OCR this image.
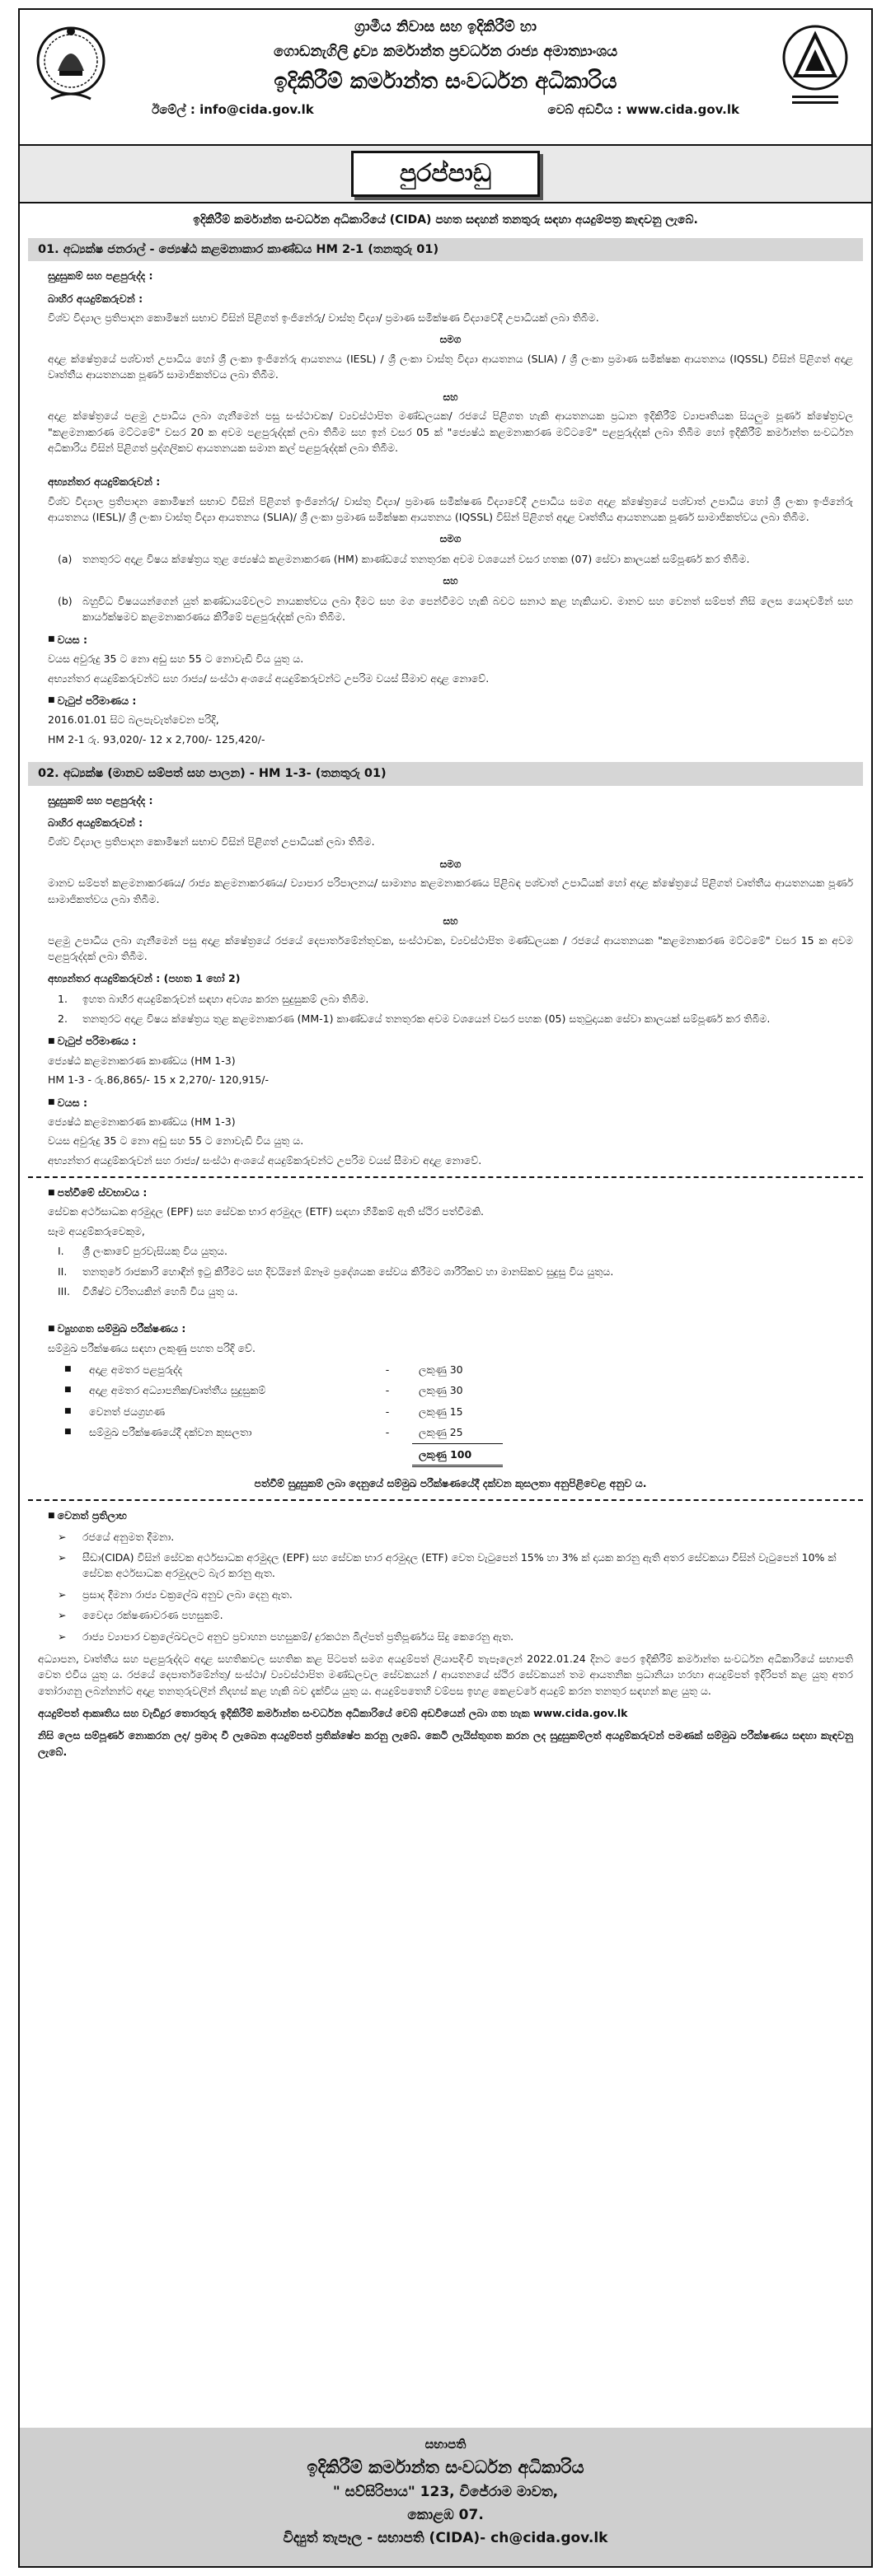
ග්‍රාමීය නිවාස සහ ඉදිකිරීම් හා
ගොඩනැගිලි ද්‍රව්‍ය කර්මාන්ත ප්‍රවර්ධන රාජ්‍ය අමාත්‍යාංශය
ඉදිකිරීම් කර්මාන්ත සංවර්ධන අධිකාරිය
ඊමේල් : info@cida.gov.lk	වෙබ් අඩවිය : www.cida.gov.lk
පුරප්පාඩු
ඉදිකිරීම් කර්මාන්ත සංවර්ධන අධිකාරියේ (CIDA) පහත සඳහන් තනතුරු සඳහා අයදුම්පත්‍ර කැඳවනු ලැබේ.
01. අධ්‍යක්ෂ ජනරාල් - ජ්‍යෙෂ්ඨ කළමනාකාර කාණ්ඩය HM 2-1 (තනතුරු 01)
සුදුසුකම් සහ පළපුරුද්ද :
බාහිර අයදුම්කරුවන් :
විශ්ව විද්‍යාල ප්‍රතිපාදන කොමිෂන් සභාව විසින් පිළිගත් ඉංජිනේරු/ වාස්තු විද්‍යා/ ප්‍රමාණ සමීක්ෂණ විද්‍යාවේදී උපාධියක් ලබා තිබීම.
සමග
අදාළ ක්ෂේත්‍රයේ පශ්චාත් උපාධිය හෝ ශ්‍රී ලංකා ඉංජිනේරු ආයතනය (IESL) / ශ්‍රී ලංකා වාස්තු විද්‍යා ආයතනය (SLIA) / ශ්‍රී ලංකා ප්‍රමාණ සමීක්ෂක ආයතනය (IQSSL) විසින් පිළිගත් අදාළ වෘත්තීය ආයතනයක පූර්ණ සාමාජිකත්වය ලබා තිබීම.
සහ
අදාළ ක්ෂේත්‍රයේ පළමු උපාධිය ලබා ගැනීමෙන් පසු සංස්ථාවක/ ව්‍යවස්ථාපිත මණ්ඩලයක/ රජයේ පිළිගත හැකි ආයතනයක ප්‍රධාන ඉදිකිරීම් ව්‍යාපෘතියක සියලුම පූර්ණ ක්ෂේත්‍රවල "කළමනාකරණ මට්ටමේ" වසර 20 ක අවම පළපුරුද්දක් ලබා තිබීම සහ ඉන් වසර 05 ක් "ජ්‍යෙෂ්ඨ කළමනාකරණ මට්ටමේ" පළපුරුද්දක් ලබා තිබීම හෝ ඉදිකිරීම් කර්මාන්ත සංවර්ධන අධිකාරිය විසින් පිළිගත් ප්‍රද්ගලිකව ආයතනයක සමාන කල් පළපුරුද්දක් ලබා තිබීම.
අභ්‍යන්තර අයදුම්කරුවන් :
විශ්ව විද්‍යාල ප්‍රතිපාදන කොමිෂන් සභාව විසින් පිළිගත් ඉංජිනේරු/ වාස්තු විද්‍යා/ ප්‍රමාණ සමීක්ෂණ විද්‍යාවේදී උපාධිය සමග අදාළ ක්ෂේත්‍රයේ පශ්චාත් උපාධිය හෝ ශ්‍රී ලංකා ඉංජිනේරු ආයතනය (IESL)/ ශ්‍රී ලංකා වාස්තු විද්‍යා ආයතනය (SLIA)/ ශ්‍රී ලංකා ප්‍රමාණ සමීක්ෂක ආයතනය (IQSSL) විසින් පිළිගත් අදාළ වෘත්තීය ආයතනයක පූර්ණ සාමාජිකත්වය ලබා තිබීම.
සමග
(a)	තනතුරට අදාළ විෂය ක්ෂේත්‍රය තුළ ජ්‍යෙෂ්ඨ කළමනාකරණ (HM) කාණ්ඩයේ තනතුරක අවම වශයෙන් වසර හතක (07) සේවා කාලයක් සම්පූර්ණ කර තිබීම.
සහ
(b) බහුවිධ විෂයයන්ගෙන් යුත් කණ්ඩායම්වලට නායකත්වය ලබා දීමට සහ මග පෙන්වීමට හැකි බවට සනාථ කළ හැකියාව. මානව සහ වෙනත් සම්පත් නිසි ලෙස යොදවමින් සහ කාර්යක්ෂමව කළමනාකරණය කිරීමේ පළපුරුද්දක් ලබා තිබීම.
■ වයස :
වයස අවුරුදු 35 ට නො අඩු සහ 55 ට නොවැඩි විය යුතු ය.
අභ්‍යන්තර අයදුම්කරුවන්ට සහ රාජ්‍ය/ සංස්ථා අංශයේ අයදුම්කරුවන්ට උපරිම වයස් සීමාව අදාළ නොවේ.
■ වැටුප් පරිමාණය :
2016.01.01 සිට බලපැවැත්වෙන පරිදි,
HM 2-1 රු. 93,020/- 12 x 2,700/- 125,420/-
02. අධ්‍යක්ෂ (මානව සම්පත් සහ පාලන) - HM 1-3- (තනතුරු 01)
සුදුසුකම් සහ පළපුරුද්ද :
බාහිර අයදුම්කරුවන් :
විශ්ව විද්‍යාල ප්‍රතිපාදන කොමිෂන් සභාව විසින් පිළිගත් උපාධියක් ලබා තිබීම.
සමග
මානව සම්පත් කළමනාකරණය/ රාජ්‍ය කළමනාකරණය/ ව්‍යාපාර පරිපාලනය/ සාමාන්‍ය කළමනාකරණය පිළිබඳ පශ්චාත් උපාධියක් හෝ අදාළ ක්ෂේත්‍රයේ පිළිගත් වෘත්තීය ආයතනයක පූර්ණ සාමාජිකත්වය ලබා තිබීම.
සහ
පළමු උපාධිය ලබා ගැනීමෙන් පසු අදාළ ක්ෂේත්‍රයේ රජයේ දෙපාර්තමේන්තුවක, සංස්ථාවක, ව්‍යවස්ථාපිත මණ්ඩලයක / රජයේ ආයතනයක "කළමනාකරණ මට්ටමේ" වසර 15 ක අවම පළපුරුද්දක් ලබා තිබීම.
අභ්‍යන්තර අයදුම්කරුවන් : (පහත 1 හෝ 2)
1.	ඉහත බාහිර අයදුම්කරුවන් සඳහා අවශ්‍ය කරන සුදුසුකම් ලබා තිබීම.
2.	තනතුරට අදාළ විෂය ක්ෂේත්‍රය තුළ කළමනාකරණ (MM-1) කාණ්ඩයේ තනතුරක අවම වශයෙන් වසර පහක (05) සතුටුදායක සේවා කාලයක් සම්පූර්ණ කර තිබීම.
■ වැටුප් පරිමාණය :
ජ්‍යෙෂ්ඨ කළමනාකරණ කාණ්ඩය (HM 1-3)
HM 1-3 - රු.86,865/- 15 x 2,270/- 120,915/-
■ වයස :
ජ්‍යෙෂ්ඨ කළමනාකරණ කාණ්ඩය (HM 1-3)
වයස අවුරුදු 35 ට නො අඩු සහ 55 ට නොවැඩි විය යුතු ය.
අභ්‍යන්තර අයදුම්කරුවන් සහ රාජ්‍ය/ සංස්ථා අංශයේ අයදුම්කරුවන්ට උපරිම වයස් සීමාව අදාළ නොවේ.
■ පත්වීමේ ස්වභාවය :
සේවක අර්ථසාධක අරමුදල (EPF) සහ සේවක භාර අරමුදල (ETF) සඳහා හිමිකම් ඇති ස්ථිර පත්වීමකි.
සෑම අයදුම්කරුවෙකුම,
I.	ශ්‍රී ලංකාවේ පුරවැසියකු විය යුතුය.
II.	තනතුරේ රාජකාරි හොඳින් ඉටු කිරීමට සහ දිවයිනේ ඕනෑම ප්‍රදේශයක සේවය කිරීමට ශාරීරිකව හා මානසිකව සුදුසු විය යුතුය.
III.	විශිෂ්ට චරිතයකින් හෙබි විය යුතු ය.
■ ව්‍යුහගත සම්මුඛ පරීක්ෂණය :
සම්මුඛ පරීක්ෂණය සඳහා ලකුණු පහත පරිදි වේ.
■	අදාළ අමතර පළපුරුද්ද	-	ලකුණු 30
■	අදාළ අමතර අධ්‍යාපනික/වෘත්තීය සුදුසුකම්	-	ලකුණු 30
■	වෙනත් ජයග්‍රහණ	-	ලකුණු 15
■	සම්මුඛ පරීක්ෂණයේදී දක්වන කුසලතා	-	ලකුණු 25
			ලකුණු 100
පත්වීම් සුදුසුකම් ලබා දෙනුයේ සම්මුඛ පරීක්ෂණයේදී දක්වන කුසලතා අනුපිළිවෙළ අනුව ය.
■ වෙනත් ප්‍රතිලාභ
➢	රජයේ අනුමත දීමනා.
➢	සීඩා(CIDA) විසින් සේවක අර්ථසාධක අරමුදල (EPF) සහ සේවක භාර අරමුදල (ETF) වෙත වැටුපෙන් 15% හා 3% ක් දායක කරනු ඇති අතර සේවකයා විසින් වැටුපෙන් 10% ක් සේවක අර්ථසාධක අරමුදලට බැර කරනු ඇත.
➢	ප්‍රසාද දීමනා රාජ්‍ය චක්‍රලේඛ අනුව ලබා දෙනු ඇත.
➢	වෛද්‍ය රක්ෂණාවරණ පහසුකම්.
➢	රාජ්‍ය ව්‍යාපාර චක්‍රලේඛවලට අනුව ප්‍රවාහන පහසුකම්/ දුරකථන බිල්පත් ප්‍රතිපූර්ණය සිදු කෙරෙනු ඇත.
අධ්‍යාපන, වෘත්තීය සහ පළපුරුද්දට අදාළ සහතිකවල සහතික කළ පිටපත් සමග අයදුම්පත් ලියාපදිංචි තැපෑලෙන් 2022.01.24 දිනට පෙර ඉදිකිරීම් කර්මාන්ත සංවර්ධන අධිකාරියේ සභාපති වෙත එවිය යුතු ය. රජයේ දෙපාර්තමේන්තු/ සංස්ථා/ ව්‍යවස්ථාපිත මණ්ඩලවල සේවකයන් / ආයතනයේ ස්ථිර සේවකයන් තම ආයතනික ප්‍රධානියා හරහා අයදුම්පත් ඉදිරිපත් කළ යුතු අතර තෝරාගනු ලබන්නන්ට අදාළ තනතුරුවලින් නිදහස් කළ හැකි බව දැක්විය යුතු ය. අයදුම්පතෙහි වම්පස ඉහළ කෙළවරේ අයදුම් කරන තනතුර සඳහන් කළ යුතු ය.
අයදුම්පත් ආකෘතිය සහ වැඩිදුර තොරතුරු ඉදිකිරීම් කර්මාන්ත සංවර්ධන අධිකාරියේ වෙබ් අඩවියෙන් ලබා ගත හැක www.cida.gov.lk
නිසි ලෙස සම්පූර්ණ නොකරන ලද/ ප්‍රමාද වී ලැබෙන අයදුම්පත් ප්‍රතික්ෂේප කරනු ලැබේ. කෙටි ලැයිස්තුගත කරන ලද සුදුසුකම්ලත් අයදුම්කරුවන් පමණක් සම්මුඛ පරීක්ෂණය සඳහා කැඳවනු ලැබේ.
සභාපති
ඉදිකිරීම් කර්මාන්ත සංවර්ධන අධිකාරිය
" සව්සිරිපාය" 123, විජේරාම මාවත,
කොළඹ 07.
විද්‍යුත් තැපෑල - සභාපති (CIDA)- ch@cida.gov.lk
